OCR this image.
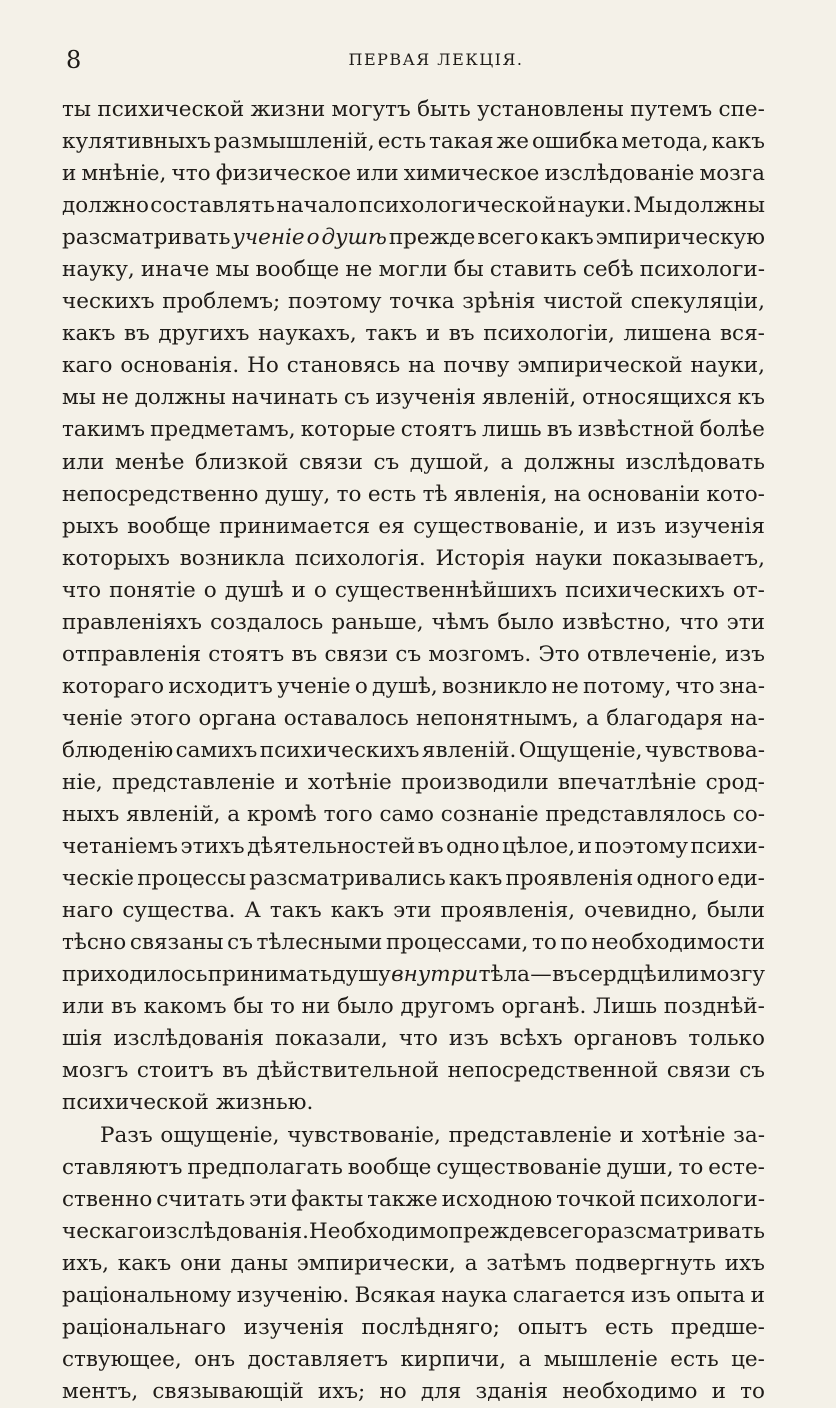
8	ПЕРВАЯ ЛЕКЦІЯ.
ты психической жизни могутъ быть установлены путемъ спе-
кулятивныхъ размышленій, есть такая же ошибка метода, какъ
и мнѣніе, что физическое или химическое изслѣдованіе мозга
должно составлять начало психологической науки. Мы должны
разсматривать ученіе о душѣ прежде всего какъ эмпирическую
науку, иначе мы вообще не могли бы ставить себѣ психологи-
ческихъ проблемъ; поэтому точка зрѣнія чистой спекуляціи,
какъ въ другихъ наукахъ, такъ и въ психологіи, лишена вся-
каго основанія. Но становясь на почву эмпирической науки,
мы не должны начинать съ изученія явленій, относящихся къ
такимъ предметамъ, которые стоятъ лишь въ извѣстной болѣе
или менѣе близкой связи съ душой, а должны изслѣдовать
непосредственно душу, то есть тѣ явленія, на основаніи кото-
рыхъ вообще принимается ея существованіе, и изъ изученія
которыхъ возникла психологія. Исторія науки показываетъ,
что понятіе о душѣ и о существеннѣйшихъ психическихъ от-
правленіяхъ создалось раньше, чѣмъ было извѣстно, что эти
отправленія стоятъ въ связи съ мозгомъ. Это отвлеченіе, изъ
котораго исходитъ ученіе о душѣ, возникло не потому, что зна-
ченіе этого органа оставалось непонятнымъ, а благодаря на-
блюденію самихъ психическихъ явленій. Ощущеніе, чувствова-
ніе, представленіе и хотѣніе производили впечатлѣніе срод-
ныхъ явленій, а кромѣ того само сознаніе представлялось со-
четаніемъ этихъ дѣятельностей въ одно цѣлое, и поэтому психи-
ческіе процессы разсматривались какъ проявленія одного еди-
наго существа. А такъ какъ эти проявленія, очевидно, были
тѣсно связаны съ тѣлесными процессами, то по необходимости
приходилось принимать душу внутри тѣла — въ сердцѣ или мозгу
или въ какомъ бы то ни было другомъ органѣ. Лишь позднѣй-
шія изслѣдованія показали, что изъ всѣхъ органовъ только
мозгъ стоитъ въ дѣйствительной непосредственной связи съ
психической жизнью.
Разъ ощущеніе, чувствованіе, представленіе и хотѣніе за-
ставляютъ предполагать вообще существованіе души, то есте-
ственно считать эти факты также исходною точкой психологи-
ческаго изслѣдованія. Необходимо прежде всего разсматривать
ихъ, какъ они даны эмпирически, а затѣмъ подвергнуть ихъ
раціональному изученію. Всякая наука слагается изъ опыта и
раціональнаго изученія послѣдняго; опытъ есть предше-
ствующее, онъ доставляетъ кирпичи, а мышленіе есть це-
ментъ, связывающій ихъ; но для зданія необходимо и то
